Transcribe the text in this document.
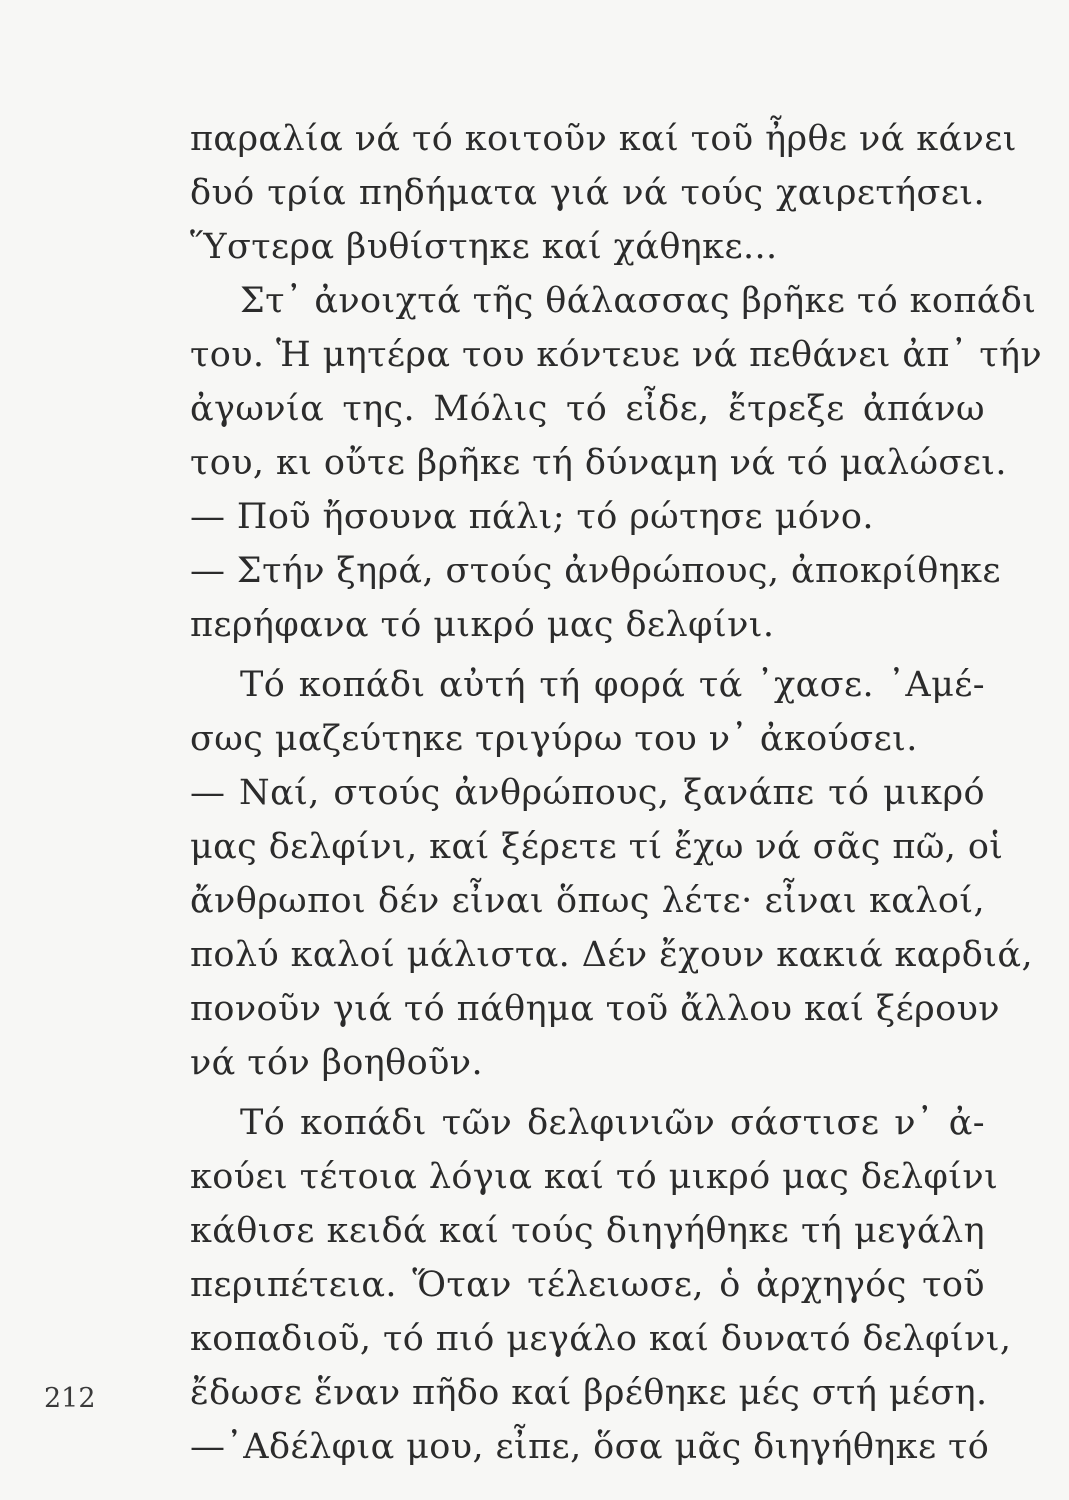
παραλία νά τό κοιτοῦν καί τοῦ ἦρθε νά κάνει
δυό τρία πηδήματα γιά νά τούς χαιρετήσει.
Ὕστερα βυθίστηκε καί χάθηκε...
Στ᾽ ἀνοιχτά τῆς θάλασσας βρῆκε τό κοπάδι
του. Ἡ μητέρα του κόντευε νά πεθάνει ἀπ᾽ τήν
ἀγωνία της. Μόλις τό εἶδε, ἔτρεξε ἀπάνω
του, κι οὔτε βρῆκε τή δύναμη νά τό μαλώσει.
— Ποῦ ἤσουνα πάλι; τό ρώτησε μόνο.
— Στήν ξηρά, στούς ἀνθρώπους, ἀποκρίθηκε
περήφανα τό μικρό μας δελφίνι.
Τό κοπάδι αὐτή τή φορά τά ᾽χασε. ᾽Αμέ-
σως μαζεύτηκε τριγύρω του ν᾽ ἀκούσει.
— Ναί, στούς ἀνθρώπους, ξανάπε τό μικρό
μας δελφίνι, καί ξέρετε τί ἔχω νά σᾶς πῶ, οἱ
ἄνθρωποι δέν εἶναι ὅπως λέτε· εἶναι καλοί,
πολύ καλοί μάλιστα. Δέν ἔχουν κακιά καρδιά,
πονοῦν γιά τό πάθημα τοῦ ἄλλου καί ξέρουν
νά τόν βοηθοῦν.
Τό κοπάδι τῶν δελφινιῶν σάστισε ν᾽ ἀ-
κούει τέτοια λόγια καί τό μικρό μας δελφίνι
κάθισε κειδά καί τούς διηγήθηκε τή μεγάλη
περιπέτεια. Ὅταν τέλειωσε, ὁ ἀρχηγός τοῦ
κοπαδιοῦ, τό πιό μεγάλο καί δυνατό δελφίνι,
ἔδωσε ἕναν πῆδο καί βρέθηκε μές στή μέση.
—᾽Αδέλφια μου, εἶπε, ὅσα μᾶς διηγήθηκε τό
212
